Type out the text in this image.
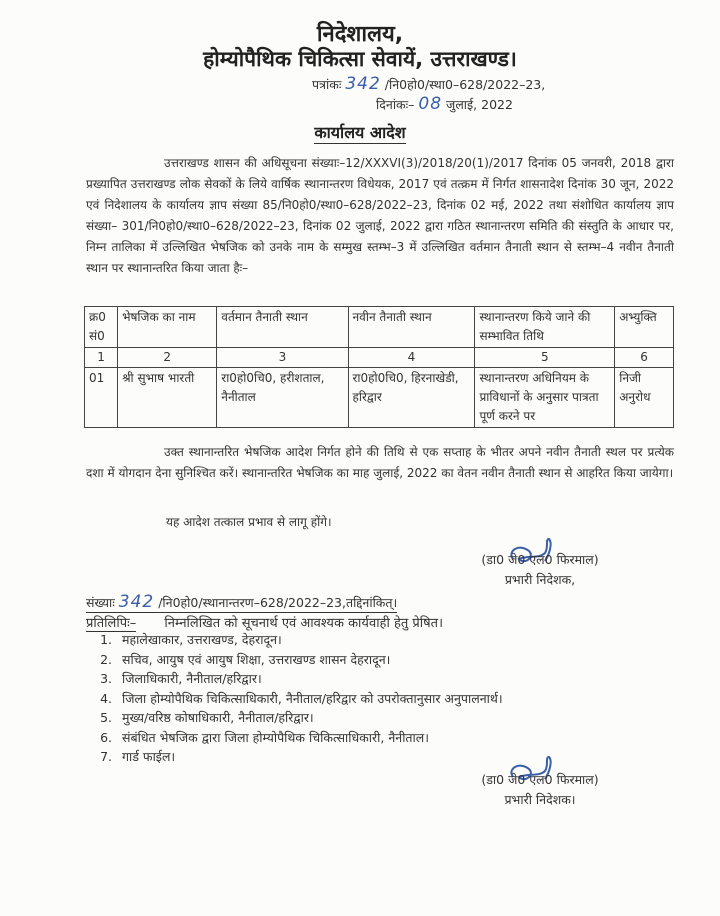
निदेशालय,
होम्योपैथिक चिकित्सा सेवायें, उत्तराखण्ड।
पत्रांकः 342 /नि0हो0/स्था0–628/2022–23,
दिनांकः– 08 जुलाई, 2022
कार्यालय आदेश
उत्तराखण्ड शासन की अधिसूचना संख्याः–12/XXXVI(3)/2018/20(1)/2017 दिनांक 05 जनवरी, 2018 द्वारा प्रख्यापित उत्तराखण्ड लोक सेवकों के लिये वार्षिक स्थानान्तरण विधेयक, 2017 एवं तत्क्रम में निर्गत शासनादेश दिनांक 30 जून, 2022 एवं निदेशालय के कार्यालय ज्ञाप संख्या 85/नि0हो0/स्था0–628/2022–23, दिनांक 02 मई, 2022 तथा संशोधित कार्यालय ज्ञाप संख्या– 301/नि0हो0/स्था0–628/2022–23, दिनांक 02 जुलाई, 2022 द्वारा गठित स्थानान्तरण समिति की संस्तुति के आधार पर, निम्न तालिका में उल्लिखित भेषजिक को उनके नाम के सम्मुख स्तम्भ–3 में उल्लिखित वर्तमान तैनाती स्थान से स्तम्भ–4 नवीन तैनाती स्थान पर स्थानान्तरित किया जाता हैः–
क्र0 सं0	भेषजिक का नाम	वर्तमान तैनाती स्थान	नवीन तैनाती स्थान	स्थानान्तरण किये जाने की सम्भावित तिथि	अभ्युक्ति
1	2	3	4	5	6
01	श्री सुभाष भारती	रा0हो0चि0, हरीशताल, नैनीताल	रा0हो0चि0, हिरनाखेडी, हरिद्वार	स्थानान्तरण अधिनियम के प्राविधानों के अनुसार पात्रता पूर्ण करने पर	निजी अनुरोध
उक्त स्थानान्तरित भेषजिक आदेश निर्गत होने की तिथि से एक सप्ताह के भीतर अपने नवीन तैनाती स्थल पर प्रत्येक दशा में योगदान देना सुनिश्चित करें। स्थानान्तरित भेषजिक का माह जुलाई, 2022 का वेतन नवीन तैनाती स्थान से आहरित किया जायेगा।
यह आदेश तत्काल प्रभाव से लागू होंगे।
(डा0 जे0 एल0 फिरमाल)
प्रभारी निदेशक,
संख्याः 342 /नि0हो0/स्थानान्तरण–628/2022–23,तद्दिनांकित्।
प्रतिलिपिः– निम्नलिखित को सूचनार्थ एवं आवश्यक कार्यवाही हेतु प्रेषित।
1. महालेखाकार, उत्तराखण्ड, देहरादून।
2. सचिव, आयुष एवं आयुष शिक्षा, उत्तराखण्ड शासन देहरादून।
3. जिलाधिकारी, नैनीताल/हरिद्वार।
4. जिला होम्योपैथिक चिकित्साधिकारी, नैनीताल/हरिद्वार को उपरोक्तानुसार अनुपालनार्थ।
5. मुख्य/वरिष्ठ कोषाधिकारी, नैनीताल/हरिद्वार।
6. संबंधित भेषजिक द्वारा जिला होम्योपैथिक चिकित्साधिकारी, नैनीताल।
7. गार्ड फाईल।
(डा0 जे0 एल0 फिरमाल)
प्रभारी निदेशक।
